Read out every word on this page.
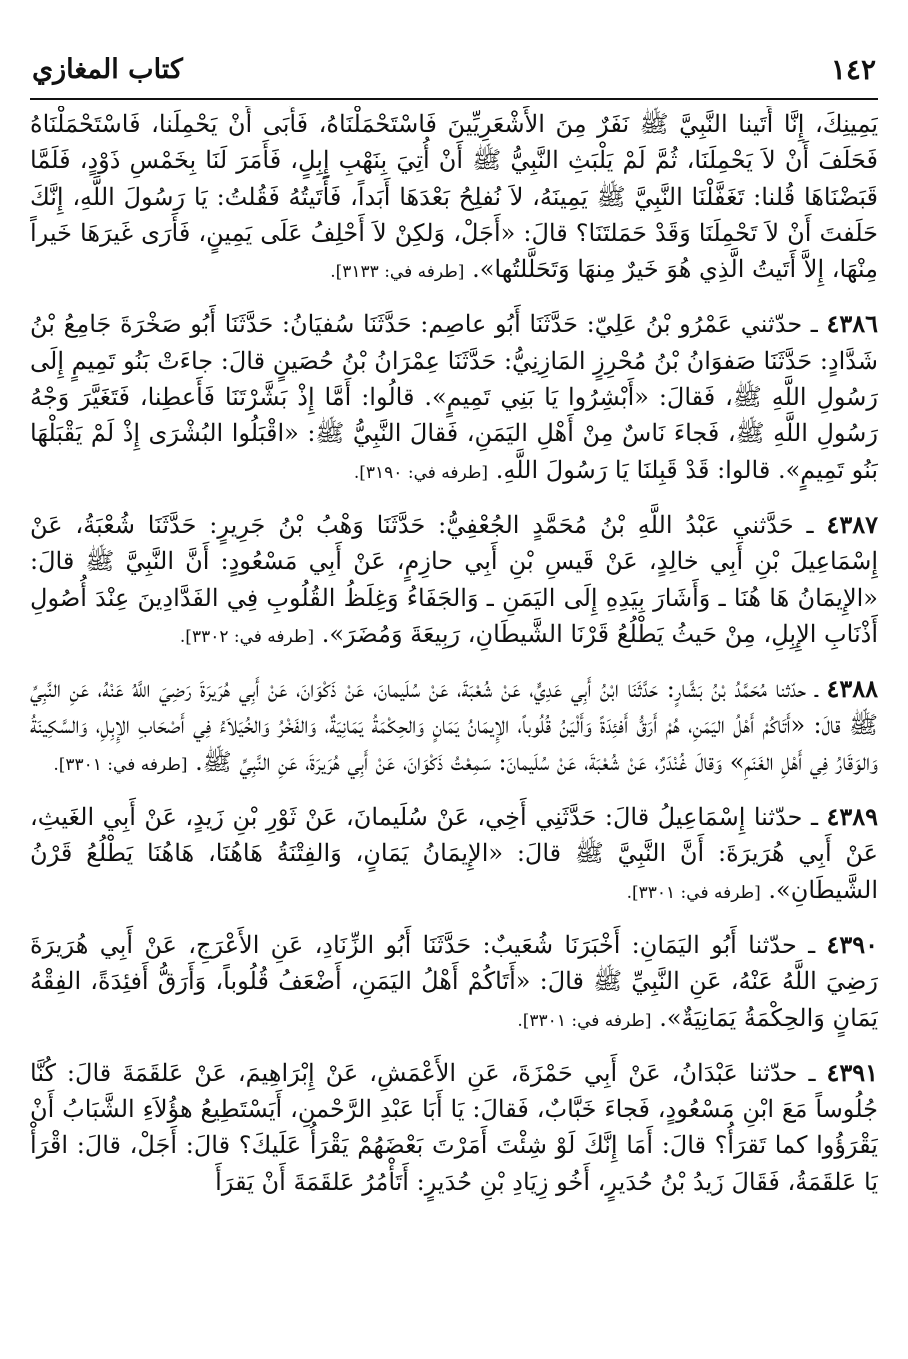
١٤٢
كتاب المغازي

يَمِينِكَ، إِنَّا أَتَينا النَّبِيَّ ﷺ نَفَرٌ مِنَ الأَشْعَرِيِّينَ فَاسْتَحْمَلْنَاهُ، فَأَبَى أَنْ يَحْمِلَنا، فَاسْتَحْمَلْنَاهُ فَحَلَفَ أَنْ لاَ يَحْمِلَنَا، ثُمَّ لَمْ يَلْبَثِ النَّبِيُّ ﷺ أَنْ أُتِيَ بِنَهْبِ إِبِلٍ، فَأَمَرَ لَنَا بِخَمْسِ ذَوْدٍ، فَلَمَّا قَبَضْنَاهَا قُلنا: تَغَفَّلْنَا النَّبِيَّ ﷺ يَمِينَهُ، لاَ نُفلِحُ بَعْدَهَا أَبَداً، فَأَتَيتُهُ فَقُلتُ: يَا رَسُولَ اللَّهِ، إِنَّكَ حَلَفتَ أَنْ لاَ تَحْمِلَنَا وَقَدْ حَمَلتَنَا؟ قالَ: «أَجَلْ، وَلكِنْ لاَ أَحْلِفُ عَلَى يَمِينٍ، فَأَرَى غَيرَهَا خَيراً مِنْهَا، إِلاَّ أَتَيتُ الَّذِي هُوَ خَيرٌ مِنهَا وَتَحَلَّلتُها». [طرفه في: ٣١٣٣].

٤٣٨٦ ـ حدّثني عَمْرُو بْنُ عَلِيّ: حَدَّثَنَا أَبُو عاصِم: حَدَّثَنَا سُفيَانُ: حَدَّثَنَا أَبُو صَخْرَةَ جَامِعُ بْنُ شَدَّادٍ: حَدَّثَنَا صَفوَانُ بْنُ مُحْرِزٍ المَازِنِيُّ: حَدَّثَنَا عِمْرَانُ بْنُ حُصَينٍ قالَ: جاءَتْ بَنُو تَمِيمٍ إِلَى رَسُولِ اللَّهِ ﷺ، فَقالَ: «أَبْشِرُوا يَا بَنِي تَمِيمٍ». قالُوا: أَمَّا إِذْ بَشَّرْتَنَا فَأَعطِنا، فَتَغَيَّرَ وَجْهُ رَسُولِ اللَّهِ ﷺ، فَجاءَ نَاسٌ مِنْ أَهْلِ اليَمَنِ، فَقالَ النَّبِيُّ ﷺ: «اقْبَلُوا البُشْرَى إِذْ لَمْ يَقْبَلْهَا بَنُو تَمِيمٍ». قالوا: قَدْ قَبِلنَا يَا رَسُولَ اللَّهِ. [طرفه في: ٣١٩٠].

٤٣٨٧ ـ حَدَّثني عَبْدُ اللَّهِ بْنُ مُحَمَّدٍ الجُعْفِيُّ: حَدَّثَنَا وَهْبُ بْنُ جَرِيرٍ: حَدَّثَنَا شُعْبَةُ، عَنْ إِسْمَاعِيلَ بْنِ أَبِي خالِدٍ، عَنْ قَيسِ بْنِ أَبِي حازِمٍ، عَنْ أَبِي مَسْعُودٍ: أَنَّ النَّبِيَّ ﷺ قالَ: «الإِيمَانُ هَا هُنَا ـ وَأَشَارَ بِيَدِهِ إِلَى اليَمَنِ ـ وَالجَفَاءُ وَغِلَظُ القُلُوبِ فِي الفَدَّادِينَ عِنْدَ أُصُولِ أَذْنَابِ الإِبِلِ، مِنْ حَيثُ يَطْلُعُ قَرْنَا الشَّيطَانِ، رَبِيعَةَ وَمُضَرَ». [طرفه في: ٣٣٠٢].

٤٣٨٨ ـ حدّثنا مُحَمَّدُ بْنُ بَشَّارٍ: حَدَّثَنَا ابْنُ أَبِي عَدِيٍّ، عَنْ شُعْبَةَ، عَنْ سُلَيمانَ، عَنْ ذَكْوَانَ، عَنْ أَبِي هُرَيرَةَ رَضِيَ اللَّهُ عَنْهُ، عَنِ النَّبِيِّ ﷺ قالَ: «أَتَاكُمْ أَهْلُ اليَمَنِ، هُمْ أَرَقُّ أَفئِدَةً وَأَلْيَنُ قُلُوباً، الإِيمَانُ يَمَانٍ وَالحِكْمَةُ يَمَانِيَةٌ، وَالفَخْرُ وَالخُيَلاَءُ فِي أَصْحَابِ الإِبِلِ، وَالسَّكِينَةُ وَالوَقَارُ فِي أَهْلِ الغَنَمِ» وَقالَ غُنْدَرٌ، عَنْ شُعْبَةَ، عَنْ سُلَيمانَ: سَمِعْتُ ذَكْوَانَ، عَنْ أَبِي هُرَيرَةَ، عَنِ النَّبِيِّ ﷺ. [طرفه في: ٣٣٠١].

٤٣٨٩ ـ حدّثنا إِسْمَاعِيلُ قالَ: حَدَّثَنِي أَخِي، عَنْ سُلَيمانَ، عَنْ ثَوْرِ بْنِ زَيدٍ، عَنْ أَبِي الغَيثِ، عَنْ أَبِي هُرَيرَةَ: أَنَّ النَّبِيَّ ﷺ قالَ: «الإِيمَانُ يَمَانٍ، وَالفِتْنَةُ هَاهُنَا، هَاهُنَا يَطْلُعُ قَرْنُ الشَّيطَانِ». [طرفه في: ٣٣٠١].

٤٣٩٠ ـ حدّثنا أَبُو اليَمَانِ: أَخْبَرَنَا شُعَيبٌ: حَدَّثَنَا أَبُو الزِّنَادِ، عَنِ الأَعْرَجِ، عَنْ أَبِي هُرَيرَةَ رَضِيَ اللَّهُ عَنْهُ، عَنِ النَّبِيِّ ﷺ قالَ: «أَتَاكُمْ أَهْلُ اليَمَنِ، أَضْعَفُ قُلُوباً، وَأَرَقُّ أَفئِدَةً، الفِقْهُ يَمَانٍ وَالحِكْمَةُ يَمَانِيَةٌ». [طرفه في: ٣٣٠١].

٤٣٩١ ـ حدّثنا عَبْدَانُ، عَنْ أَبِي حَمْزَةَ، عَنِ الأَعْمَشِ، عَنْ إِبْرَاهِيمَ، عَنْ عَلقَمَةَ قالَ: كُنَّا جُلُوساً مَعَ ابْنِ مَسْعُودٍ، فَجاءَ خَبَّابٌ، فَقالَ: يَا أَبَا عَبْدِ الرَّحْمنِ، أَيَسْتَطِيعُ هؤُلاَءِ الشَّبَابُ أَنْ يَقْرَؤُوا كما تَقرَأُ؟ قالَ: أَمَا إِنَّكَ لَوْ شِئْتَ أَمَرْتَ بَعْضَهُمْ يَقْرَأُ عَلَيكَ؟ قالَ: أَجَلْ، قالَ: اقْرَأْ يَا عَلقَمَةُ، فَقَالَ زَيدُ بْنُ حُدَيرٍ، أَخُو زِيَادِ بْنِ حُدَيرٍ: أَتَأْمُرُ عَلقَمَةَ أَنْ يَقرَأَ
